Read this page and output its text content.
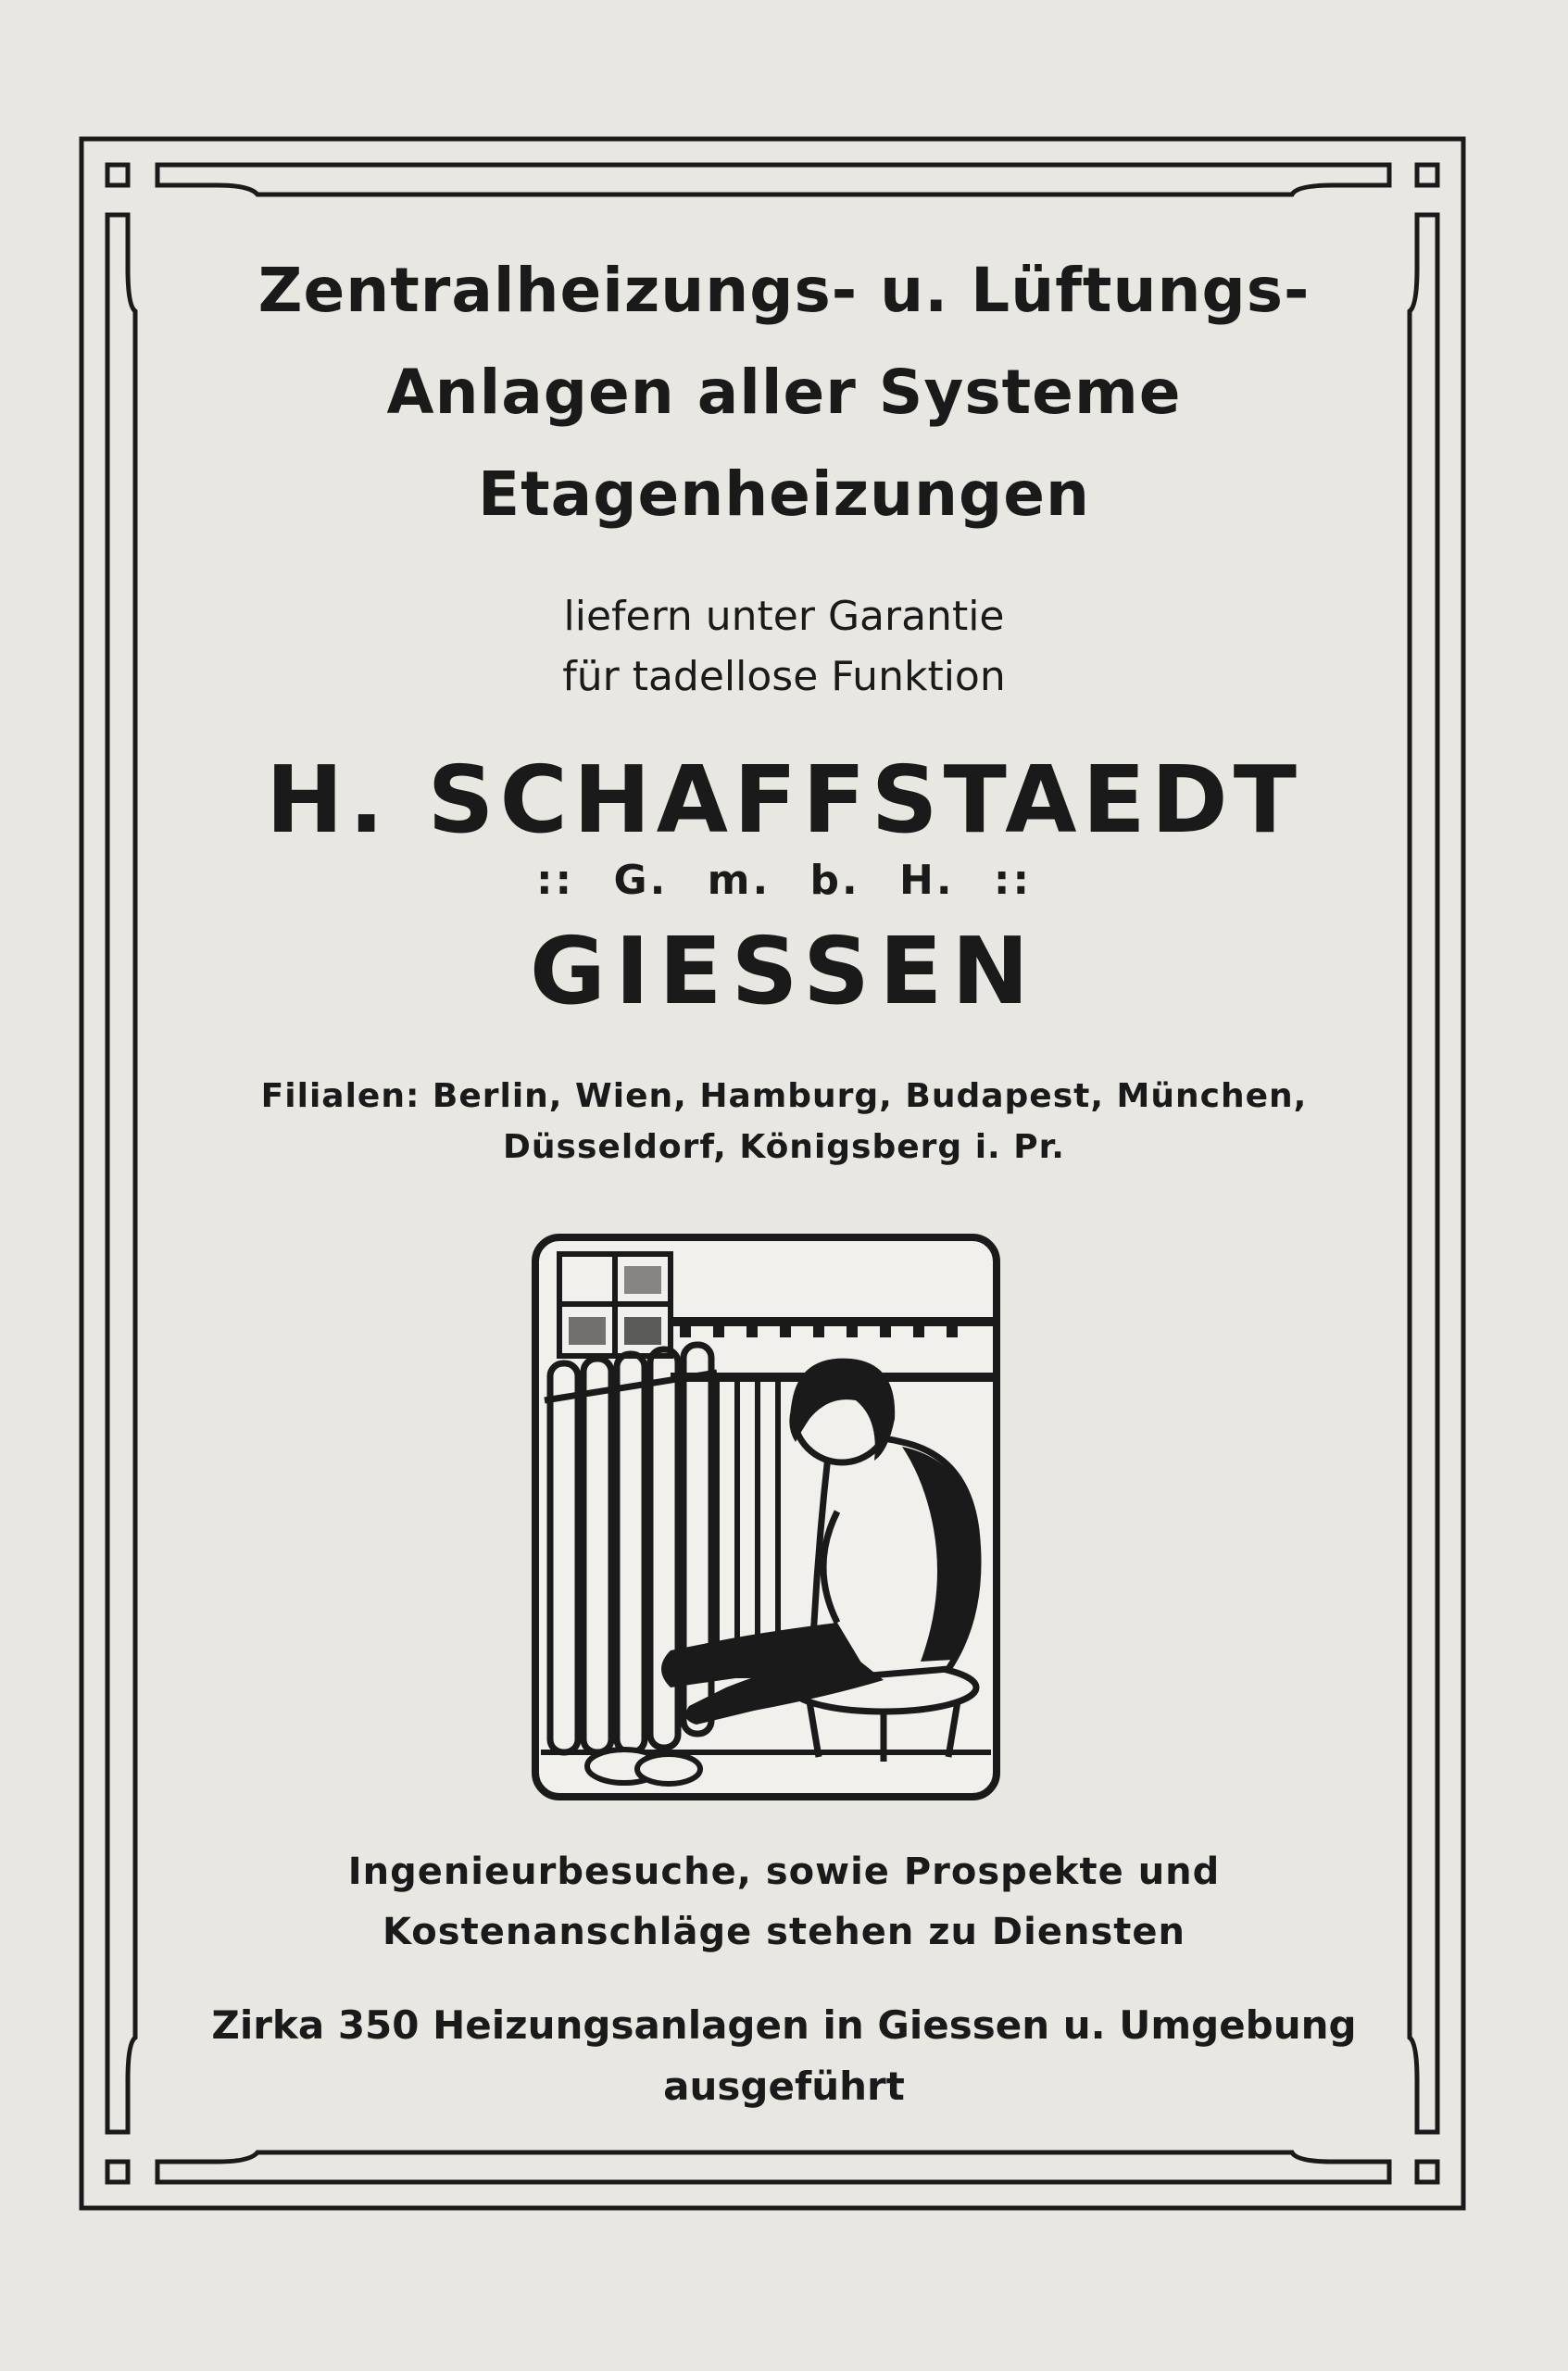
Zentralheizungs- u. Lüftungs-
Anlagen aller Systeme
Etagenheizungen
liefern unter Garantie
für tadellose Funktion
H. SCHAFFSTAEDT
:: G. m. b. H. ::
GIESSEN
Filialen: Berlin, Wien, Hamburg, Budapest, München,
Düsseldorf, Königsberg i. Pr.
Ingenieurbesuche, sowie Prospekte und
Kostenanschläge stehen zu Diensten
Zirka 350 Heizungsanlagen in Giessen u. Umgebung
ausgeführt
